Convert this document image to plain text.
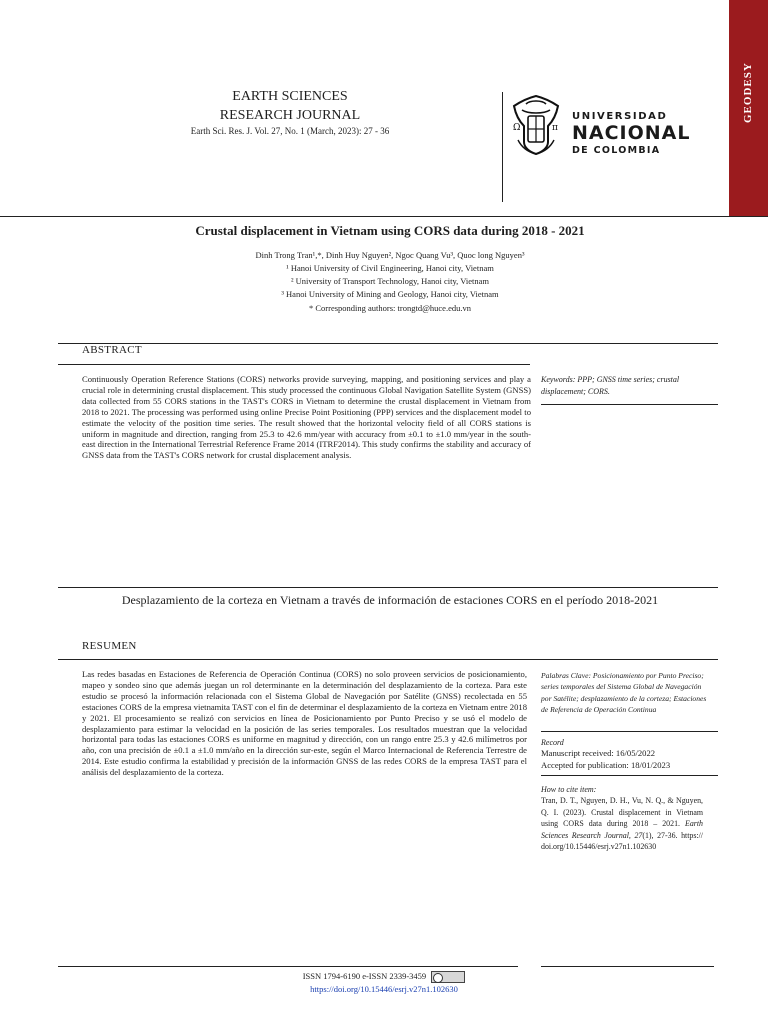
EARTH SCIENCES
RESEARCH JOURNAL
Earth Sci. Res. J. Vol. 27, No. 1 (March, 2023): 27 - 36	Ω	π
UNIVERSIDAD
NACIONAL
DE COLOMBIA
GEODESY
Crustal displacement in Vietnam using CORS data during 2018 - 2021
Dinh Trong Tran¹,*, Dinh Huy Nguyen², Ngoc Quang Vu³, Quoc long Nguyen³
¹ Hanoi University of Civil Engineering, Hanoi city, Vietnam
² University of Transport Technology, Hanoi city, Vietnam
³ Hanoi University of Mining and Geology, Hanoi city, Vietnam
* Corresponding authors: trongtd@huce.edu.vn
ABSTRACT
Continuously Operation Reference Stations (CORS) networks provide surveying, mapping, and positioning services and play a crucial role in determining crustal displacement. This study processed the continuous Global Navigation Satellite System (GNSS) data collected from 55 CORS stations in the TAST's CORS in Vietnam to determine the crustal displacement in Vietnam from 2018 to 2021. The processing was performed using online Precise Point Positioning (PPP) services and the displacement model to estimate the velocity of the position time series. The result showed that the horizontal velocity field of all CORS stations is uniform in magnitude and direction, ranging from 25.3 to 42.6 mm/year with accuracy from ±0.1 to ±1.0 mm/year in the south-east direction in the International Terrestrial Reference Frame 2014 (ITRF2014). This study confirms the stability and accuracy of GNSS data from the TAST's CORS network for crustal displacement analysis.
Keywords: PPP; GNSS time series; crustal displacement; CORS.
Desplazamiento de la corteza en Vietnam a través de información de estaciones CORS en el período 2018-2021
RESUMEN
Las redes basadas en Estaciones de Referencia de Operación Continua (CORS) no solo proveen servicios de posicionamiento, mapeo y sondeo sino que además juegan un rol determinante en la determinación del desplazamiento de la corteza. Para este estudio se procesó la información relacionada con el Sistema Global de Navegación por Satélite (GNSS) recolectada en 55 estaciones CORS de la empresa vietnamita TAST con el fin de determinar el desplazamiento de la corteza en Vietnam entre 2018 y 2021. El procesamiento se realizó con servicios en línea de Posicionamiento por Punto Preciso y se usó el modelo de desplazamiento para estimar la velocidad en la posición de las series temporales. Los resultados muestran que la velocidad horizontal para todas las estaciones CORS es uniforme en magnitud y dirección, con un rango entre 25.3 y 42.6 milímetros por año, con una precisión de ±0.1 a ±1.0 mm/año en la dirección sur-este, según el Marco Internacional de Referencia Terrestre de 2014. Este estudio confirma la estabilidad y precisión de la información GNSS de las redes CORS de la empresa TAST para el análisis del desplazamiento de la corteza.
Palabras Clave: Posicionamiento por Punto Preciso; series temporales del Sistema Global de Navegación por Satélite; desplazamiento de la corteza; Estaciones de Referencia de Operación Continua
Record
Manuscript received: 16/05/2022
Accepted for publication: 18/01/2023
How to cite item:
Tran, D. T., Nguyen, D. H., Vu, N. Q., & Nguyen, Q. I. (2023). Crustal displacement in Vietnam using CORS data during 2018 – 2021. Earth Sciences Research Journal, 27(1), 27-36. https:// doi.org/10.15446/esrj.v27n1.102630
ISSN 1794-6190 e-ISSN 2339-3459
https://doi.org/10.15446/esrj.v27n1.102630
